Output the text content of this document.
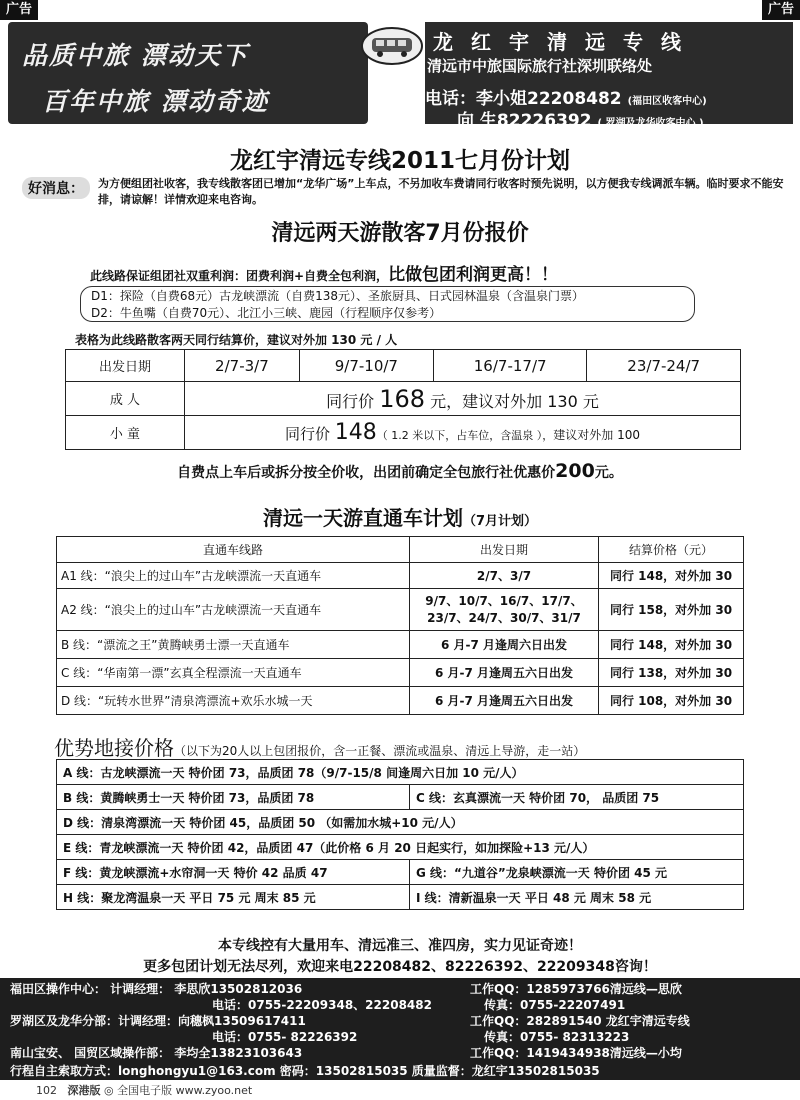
广告	广告
品质中旅 漂动天下
百年中旅 漂动奇迹
龙红宇清远专线
清远市中旅国际旅行社深圳联络处
电话：李小姐22208482 (福田区收客中心)
向 生82226392 ( 罗湖及龙华收客中心 )
龙红宇清远专线2011七月份计划
好消息：	为方便组团社收客，我专线散客团已增加“龙华广场”上车点，不另加收车费请同行收客时预先说明，以方便我专线调派车辆。临时要求不能安排，请谅解！详情欢迎来电咨询。
清远两天游散客7月份报价
此线路保证组团社双重利润：团费利润+自费全包利润，比做包团利润更高！！
D1：探险（自费68元）古龙峡漂流（自费138元）、圣旅厨具、日式园林温泉（含温泉门票）
D2：牛鱼嘴（自费70元）、北江小三峡、鹿园（行程顺序仅参考）
表格为此线路散客两天同行结算价，建议对外加 130 元 / 人
出发日期	2/7-3/7	9/7-10/7	16/7-17/7	23/7-24/7
成 人	同行价 168 元，建议对外加 130 元			
小 童	同行价 148（ 1.2 米以下，占车位，含温泉 ），建议对外加 100			
自费点上车后或拆分按全价收，出团前确定全包旅行社优惠价200元。
清远一天游直通车计划（7月计划）
直通车线路	出发日期	结算价格（元）
A1 线：“浪尖上的过山车”古龙峡漂流一天直通车	2/7、3/7	同行 148，对外加 30
A2 线：“浪尖上的过山车”古龙峡漂流一天直通车	9/7、10/7、16/7、17/7、23/7、24/7、30/7、31/7	同行 158，对外加 30
B 线：“漂流之王”黄腾峡勇士漂一天直通车	6 月-7 月逢周六日出发	同行 148，对外加 30
C 线：“华南第一漂”玄真全程漂流一天直通车	6 月-7 月逢周五六日出发	同行 138，对外加 30
D 线：“玩转水世界”清泉湾漂流+欢乐水城一天	6 月-7 月逢周五六日出发	同行 108，对外加 30
优势地接价格（以下为20人以上包团报价，含一正餐、漂流或温泉、清远上导游，走一站）
A 线：古龙峡漂流一天 特价团 73，品质团 78（9/7-15/8 间逢周六日加 10 元/人）	
B 线：黄腾峡勇士一天 特价团 73，品质团 78	C 线：玄真漂流一天 特价团 70， 品质团 75
D 线：清泉湾漂流一天 特价团 45，品质团 50 （如需加水城+10 元/人）	
E 线：青龙峡漂流一天 特价团 42，品质团 47（此价格 6 月 20 日起实行，如加探险+13 元/人）	
F 线：黄龙峡漂流+水帘洞一天 特价 42 品质 47	G 线：“九道谷”龙泉峡漂流一天 特价团 45 元
H 线：聚龙湾温泉一天 平日 75 元 周末 85 元	I 线：清新温泉一天 平日 48 元 周末 58 元
本专线控有大量用车、清远准三、准四房，实力见证奇迹！
更多包团计划无法尽列，欢迎来电22208482、82226392、22209348咨询！
福田区操作中心： 计调经理： 李思欣13502812036	工作QQ：1285973766清远线—思欣
电话：0755-22209348、22208482	传真：0755-22207491
罗湖区及龙华分部：计调经理：向穗枫13509617411	工作QQ：282891540 龙红宇清远专线
电话：0755- 82226392	传真：0755- 82313223
南山宝安、 国贸区域操作部： 李均全13823103643	工作QQ：1419434938清远线—小均
行程自主索取方式：longhongyu1@163.com 密码：13502815035 质量监督：龙红宇13502815035
102 深港版 ◎ 全国电子版 www.zyoo.net
